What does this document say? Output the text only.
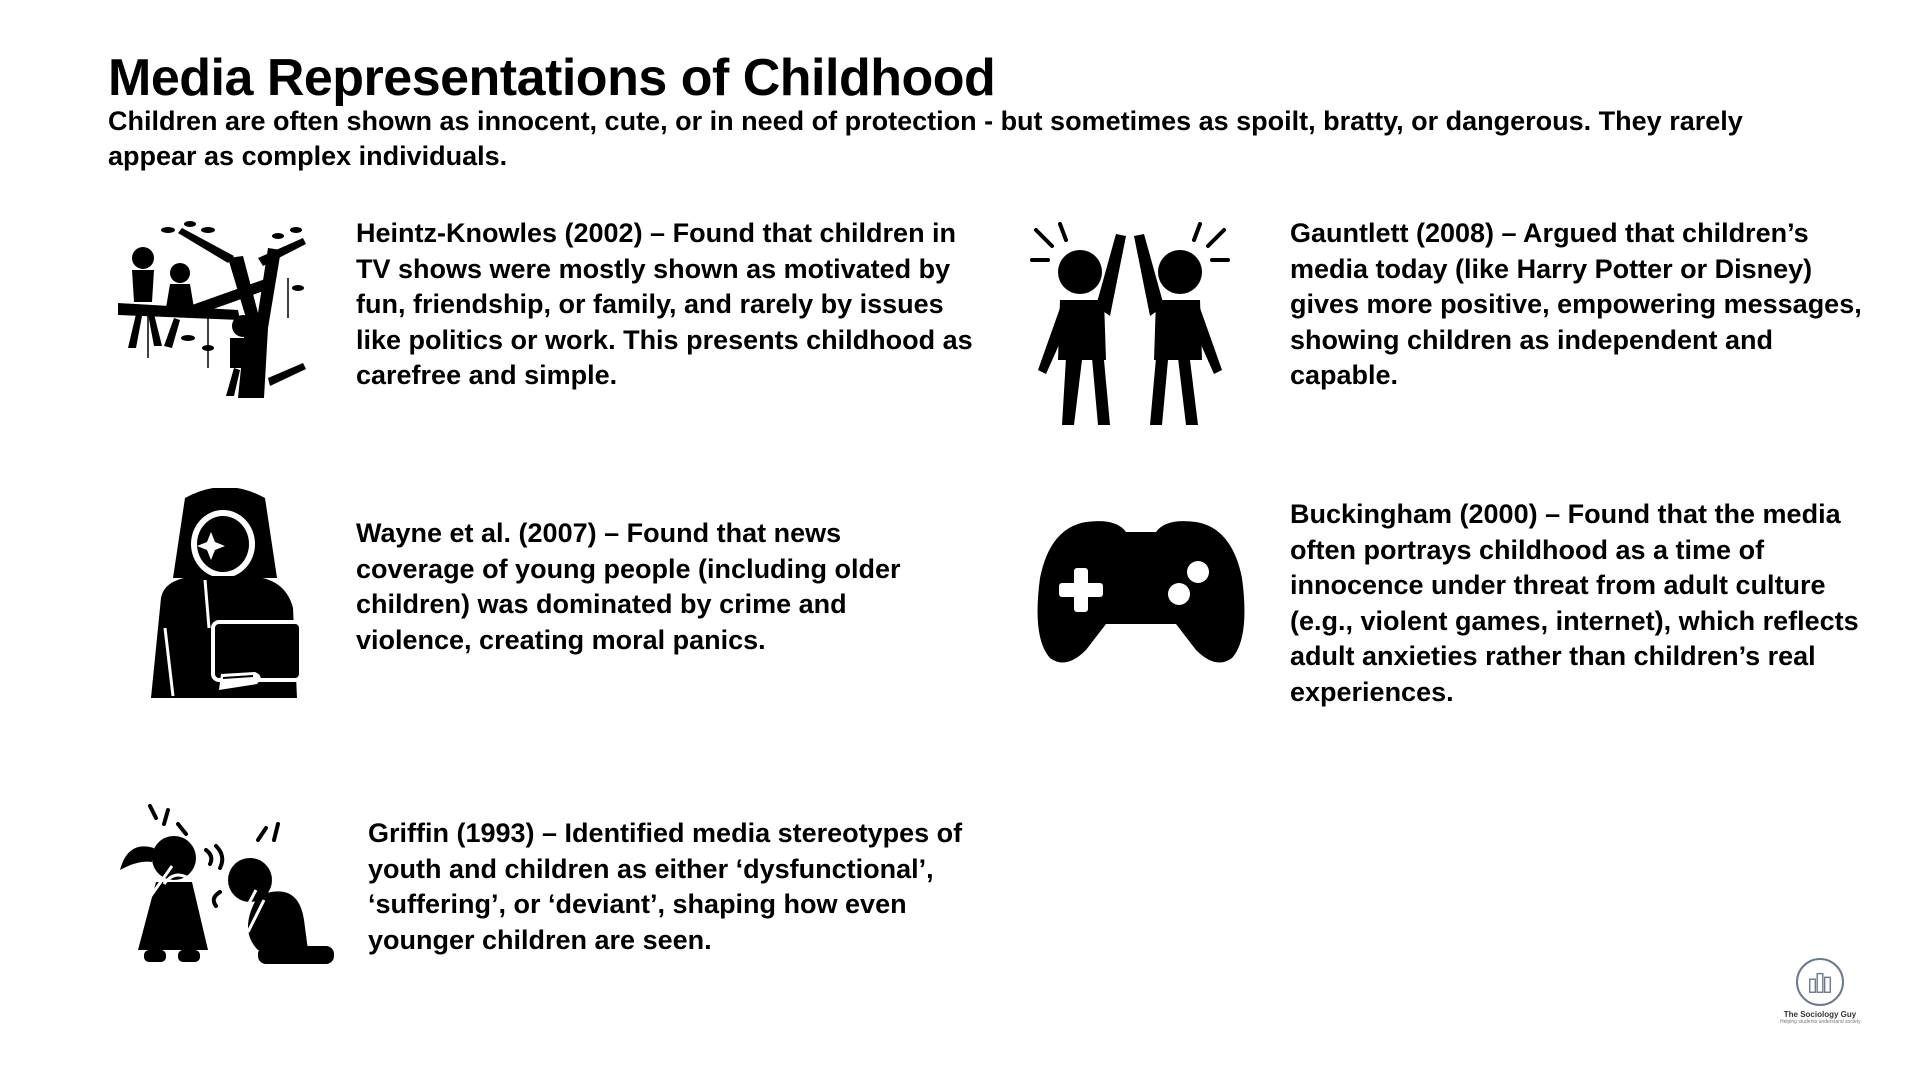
Media Representations of Childhood

Children are often shown as innocent, cute, or in need of protection - but sometimes as spoilt, bratty, or dangerous. They rarely appear as complex individuals.

Heintz-Knowles (2002) – Found that children in TV shows were mostly shown as motivated by fun, friendship, or family, and rarely by issues like politics or work. This presents childhood as carefree and simple.

Gauntlett (2008) – Argued that children’s media today (like Harry Potter or Disney) gives more positive, empowering messages, showing children as independent and capable.

Wayne et al. (2007) – Found that news coverage of young people (including older children) was dominated by crime and violence, creating moral panics.

Buckingham (2000) – Found that the media often portrays childhood as a time of innocence under threat from adult culture (e.g., violent games, internet), which reflects adult anxieties rather than children’s real experiences.

Griffin (1993) – Identified media stereotypes of youth and children as either ‘dysfunctional’, ‘suffering’, or ‘deviant’, shaping how even younger children are seen.

The Sociology Guy
Helping students understand society
